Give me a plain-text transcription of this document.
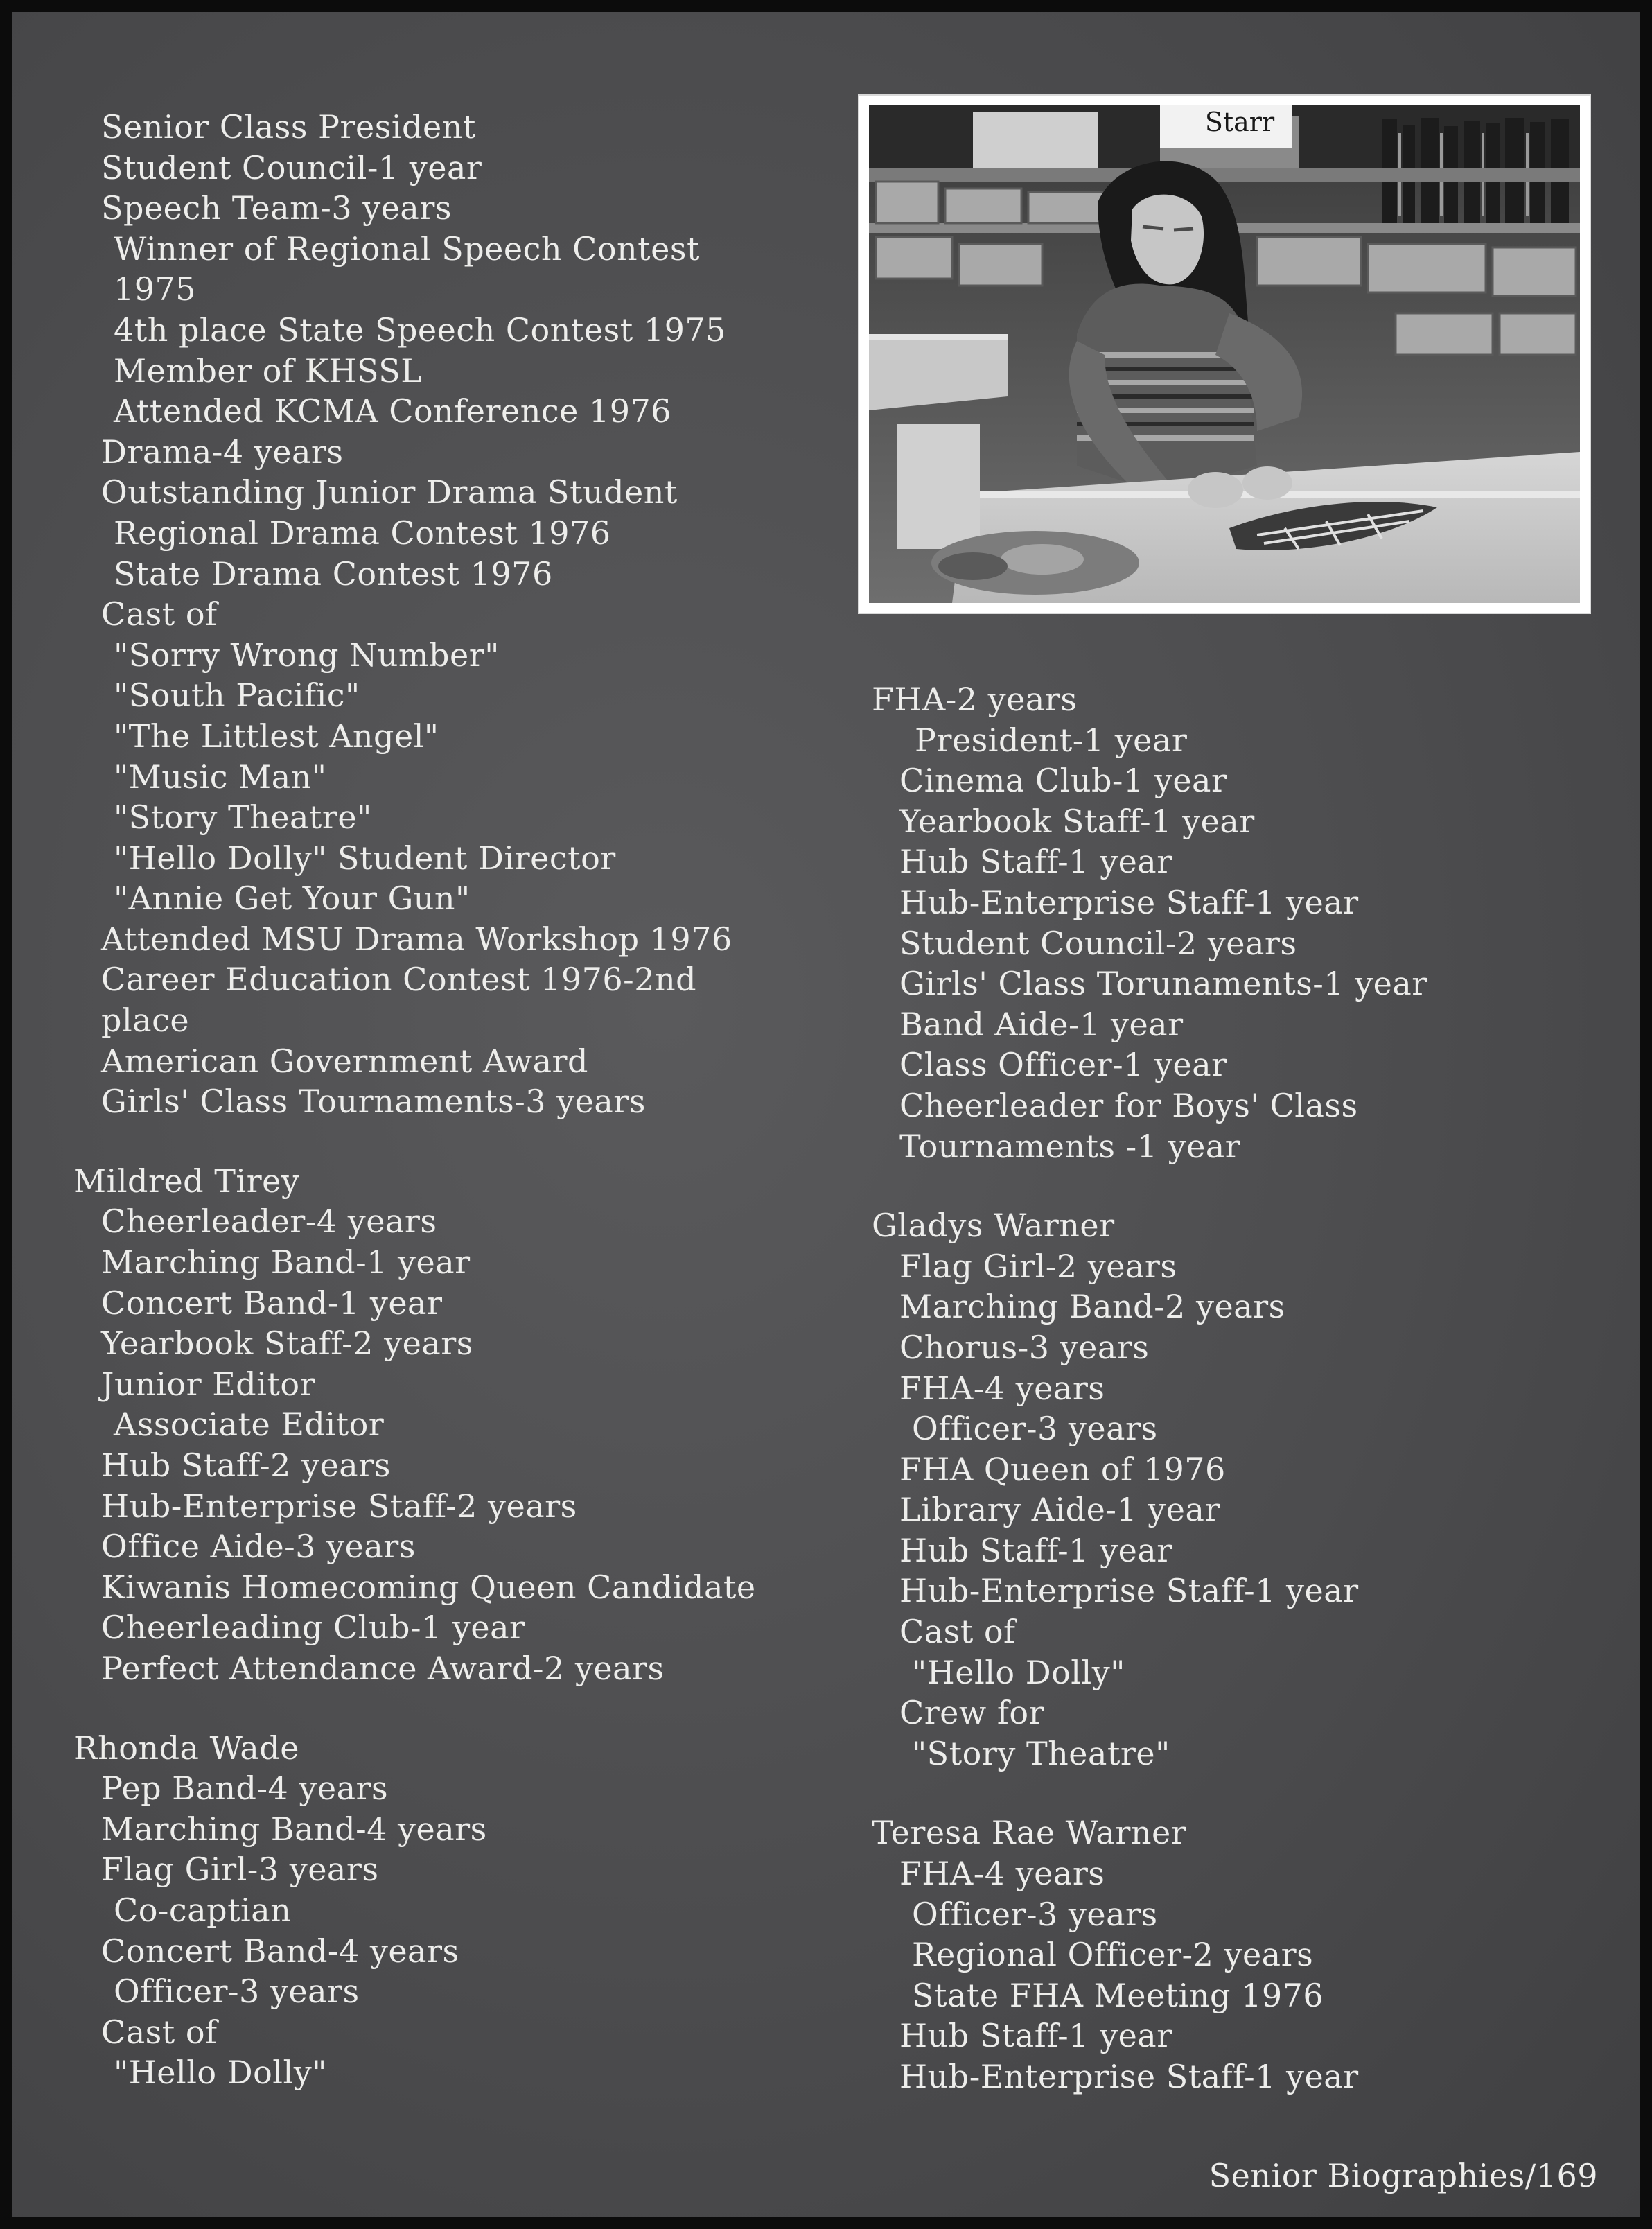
Senior Class President
Student Council-1 year
Speech Team-3 years
Winner of Regional Speech Contest
1975
4th place State Speech Contest 1975
Member of KHSSL
Attended KCMA Conference 1976
Drama-4 years
Outstanding Junior Drama Student
Regional Drama Contest 1976
State Drama Contest 1976
Cast of
"Sorry Wrong Number"
"South Pacific"
"The Littlest Angel"
"Music Man"
"Story Theatre"
"Hello Dolly" Student Director
"Annie Get Your Gun"
Attended MSU Drama Workshop 1976
Career Education Contest 1976-2nd
place
American Government Award
Girls' Class Tournaments-3 years
Mildred Tirey
Cheerleader-4 years
Marching Band-1 year
Concert Band-1 year
Yearbook Staff-2 years
Junior Editor
Associate Editor
Hub Staff-2 years
Hub-Enterprise Staff-2 years
Office Aide-3 years
Kiwanis Homecoming Queen Candidate
Cheerleading Club-1 year
Perfect Attendance Award-2 years
Rhonda Wade
Pep Band-4 years
Marching Band-4 years
Flag Girl-3 years
Co-captian
Concert Band-4 years
Officer-3 years
Cast of
"Hello Dolly"
Starr
FHA-2 years
President-1 year
Cinema Club-1 year
Yearbook Staff-1 year
Hub Staff-1 year
Hub-Enterprise Staff-1 year
Student Council-2 years
Girls' Class Torunaments-1 year
Band Aide-1 year
Class Officer-1 year
Cheerleader for Boys' Class
Tournaments -1 year
Gladys Warner
Flag Girl-2 years
Marching Band-2 years
Chorus-3 years
FHA-4 years
Officer-3 years
FHA Queen of 1976
Library Aide-1 year
Hub Staff-1 year
Hub-Enterprise Staff-1 year
Cast of
"Hello Dolly"
Crew for
"Story Theatre"
Teresa Rae Warner
FHA-4 years
Officer-3 years
Regional Officer-2 years
State FHA Meeting 1976
Hub Staff-1 year
Hub-Enterprise Staff-1 year
Senior Biographies/169
